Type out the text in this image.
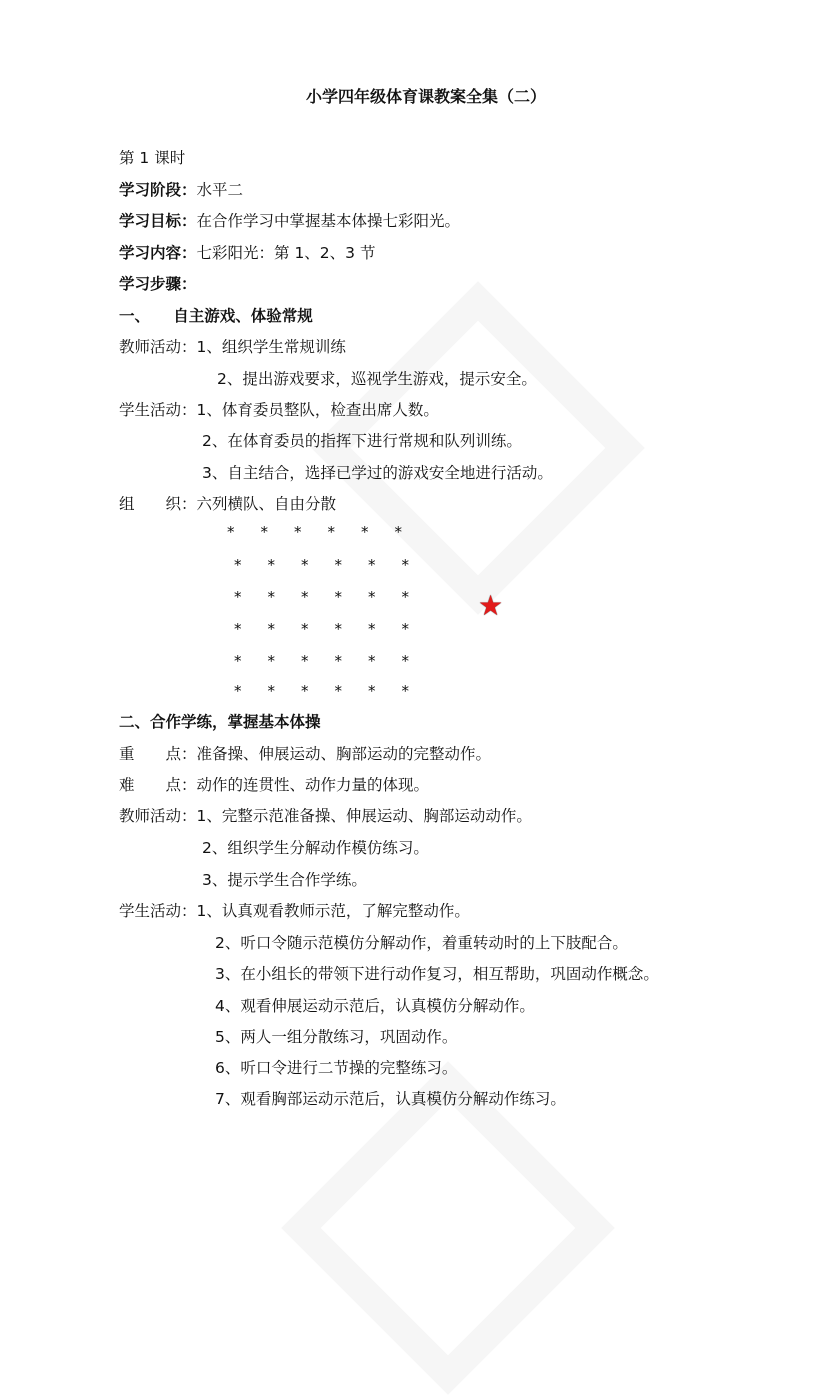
小学四年级体育课教案全集（二）
第 1 课时
学习阶段：水平二
学习目标：在合作学习中掌握基本体操七彩阳光。
学习内容：七彩阳光：第 1、2、3 节
学习步骤：
一、　　自主游戏、体验常规
教师活动：1、组织学生常规训练
2、提出游戏要求，巡视学生游戏，提示安全。
学生活动：1、体育委员整队，检查出席人数。
2、在体育委员的指挥下进行常规和队列训练。
3、自主结合，选择已学过的游戏安全地进行活动。
组　　织：六列横队、自由分散
* * * * * *
* * * * * *
* * * * * *
* * * * * *
* * * * * *
* * * * * *
★
二、合作学练，掌握基本体操
重　　点：准备操、伸展运动、胸部运动的完整动作。
难　　点：动作的连贯性、动作力量的体现。
教师活动：1、完整示范准备操、伸展运动、胸部运动动作。
2、组织学生分解动作模仿练习。
3、提示学生合作学练。
学生活动：1、认真观看教师示范，了解完整动作。
2、听口令随示范模仿分解动作，着重转动时的上下肢配合。
3、在小组长的带领下进行动作复习，相互帮助，巩固动作概念。
4、观看伸展运动示范后，认真模仿分解动作。
5、两人一组分散练习，巩固动作。
6、听口令进行二节操的完整练习。
7、观看胸部运动示范后，认真模仿分解动作练习。
